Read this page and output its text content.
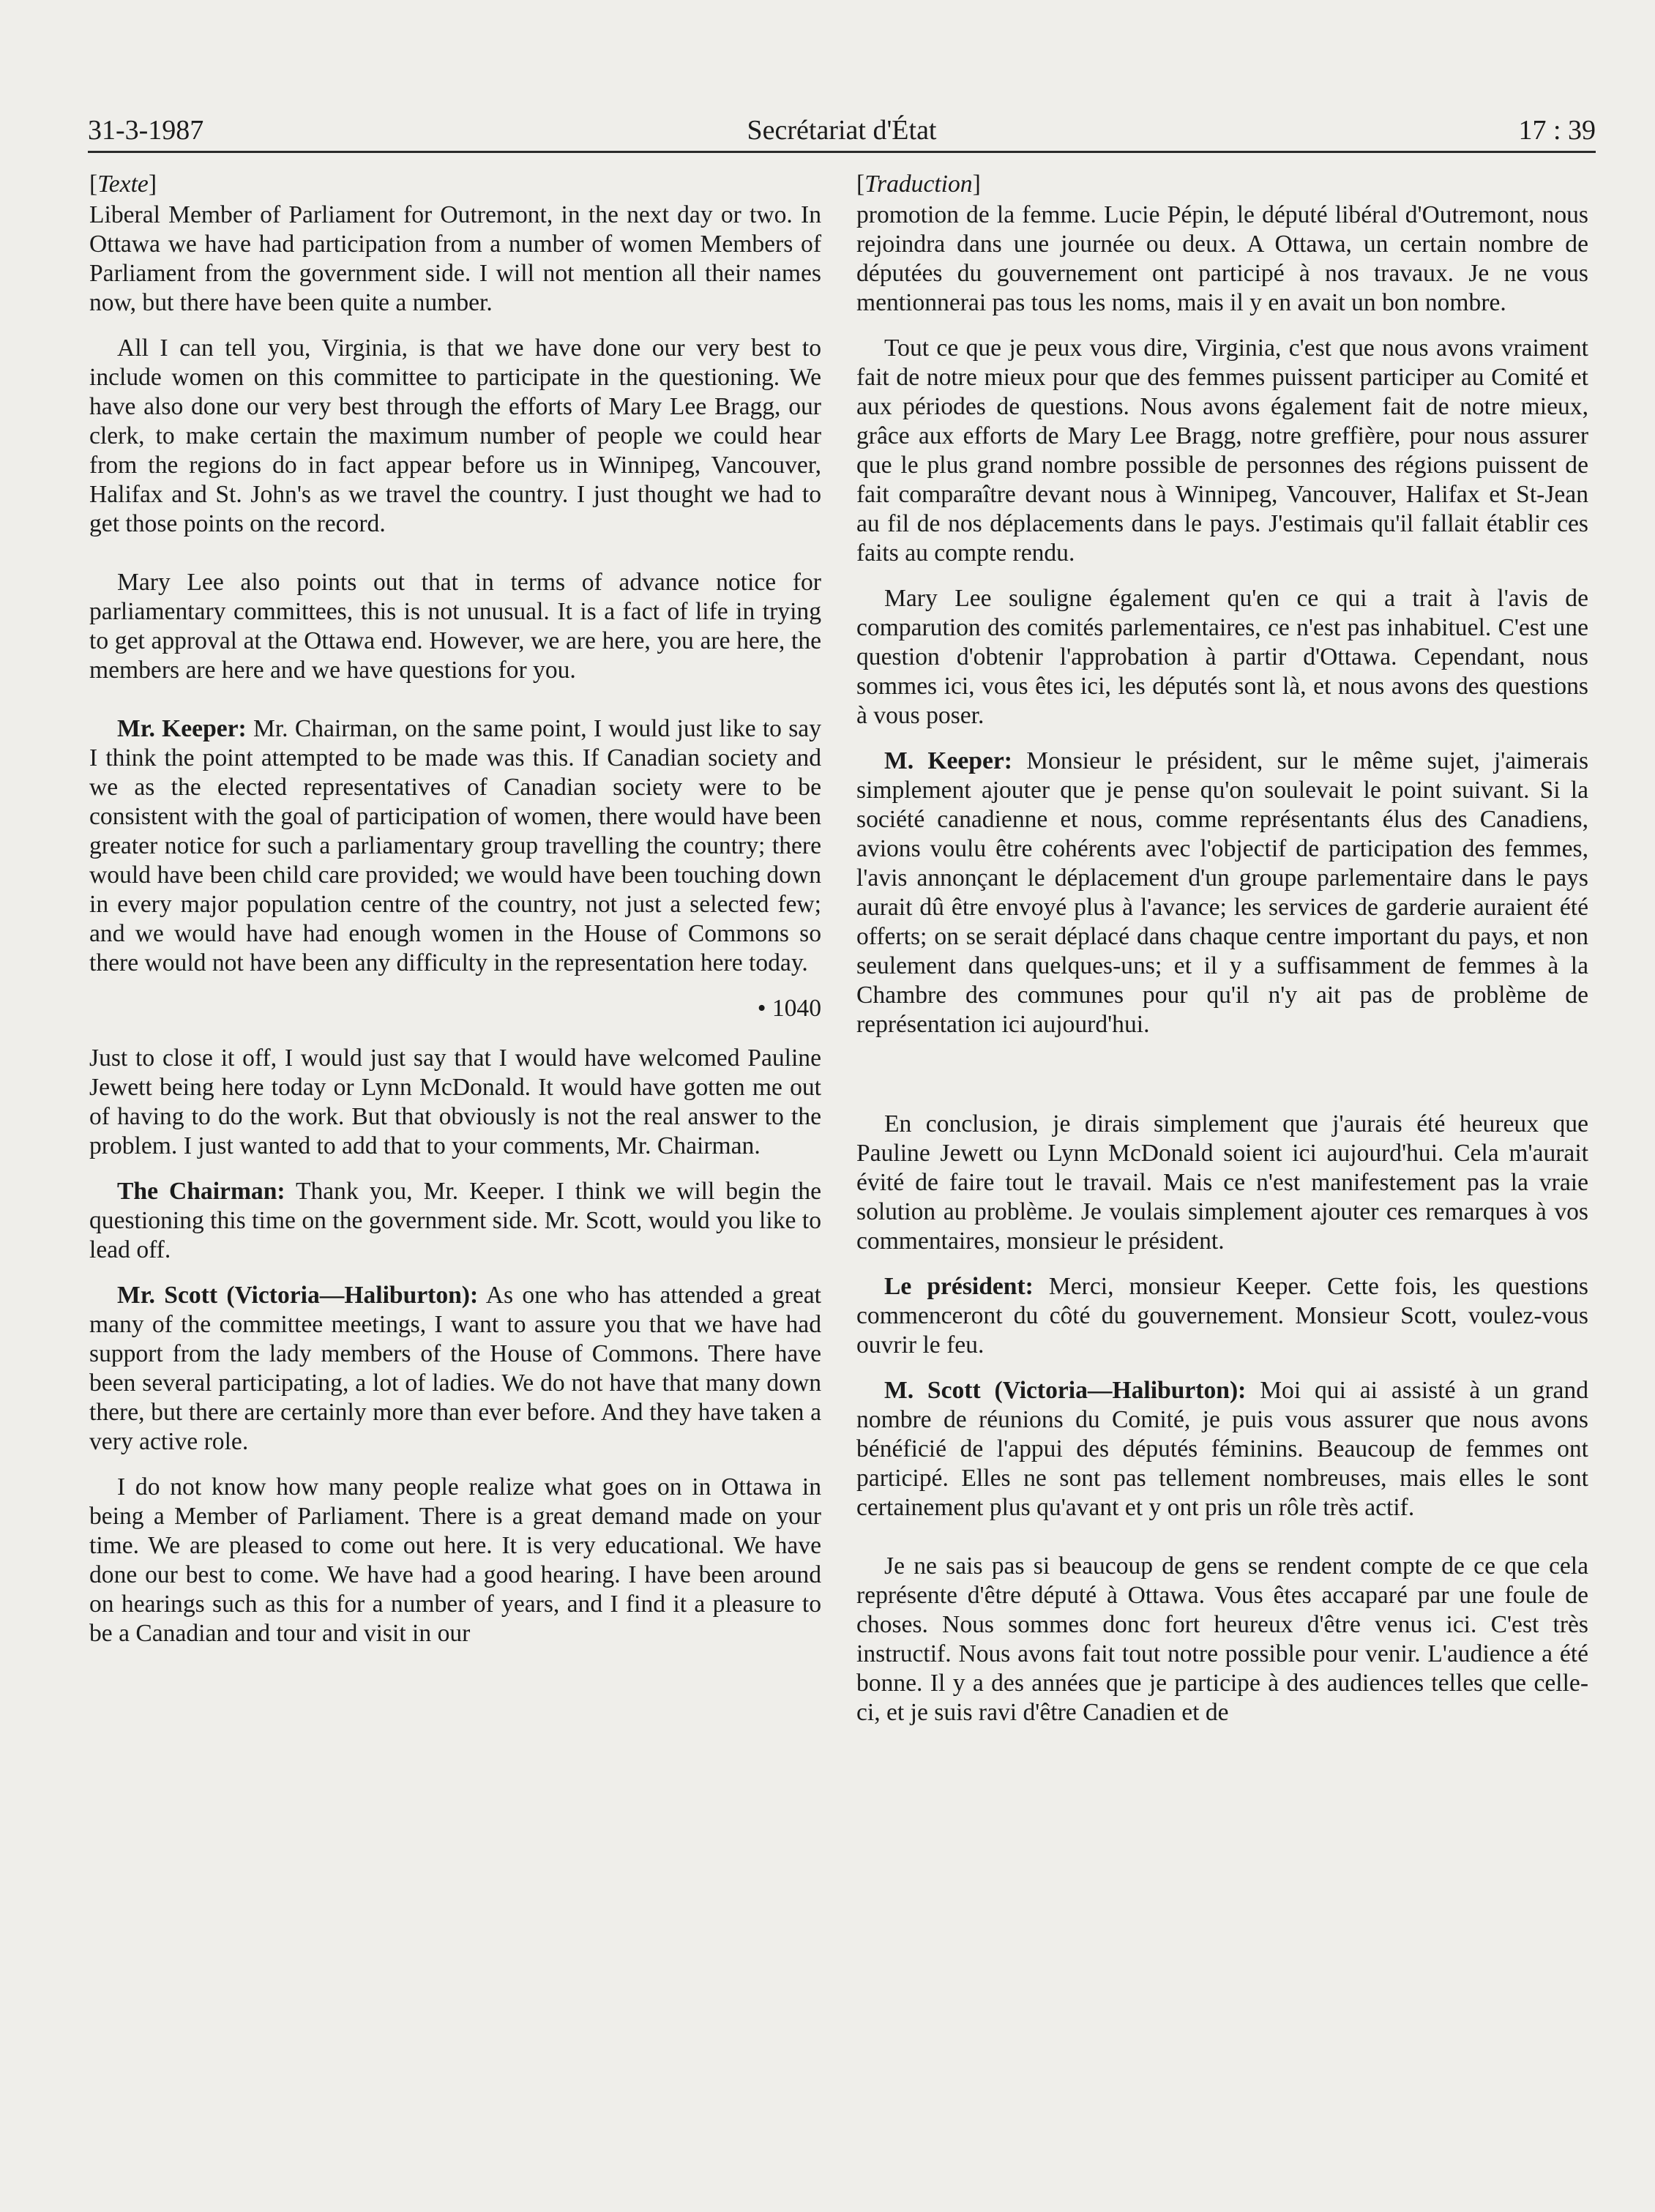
31-3-1987	Secrétariat d'État	17 : 39

[Texte]

Liberal Member of Parliament for Outremont, in the next day or two. In Ottawa we have had participation from a number of women Members of Parliament from the government side. I will not mention all their names now, but there have been quite a number.

All I can tell you, Virginia, is that we have done our very best to include women on this committee to participate in the questioning. We have also done our very best through the efforts of Mary Lee Bragg, our clerk, to make certain the maximum number of people we could hear from the regions do in fact appear before us in Winnipeg, Vancouver, Halifax and St. John's as we travel the country. I just thought we had to get those points on the record.

Mary Lee also points out that in terms of advance notice for parliamentary committees, this is not unusual. It is a fact of life in trying to get approval at the Ottawa end. However, we are here, you are here, the members are here and we have questions for you.

Mr. Keeper: Mr. Chairman, on the same point, I would just like to say I think the point attempted to be made was this. If Canadian society and we as the elected representatives of Canadian society were to be consistent with the goal of participation of women, there would have been greater notice for such a parliamentary group travelling the country; there would have been child care provided; we would have been touching down in every major population centre of the country, not just a selected few; and we would have had enough women in the House of Commons so there would not have been any difficulty in the representation here today.

• 1040

Just to close it off, I would just say that I would have welcomed Pauline Jewett being here today or Lynn McDonald. It would have gotten me out of having to do the work. But that obviously is not the real answer to the problem. I just wanted to add that to your comments, Mr. Chairman.

The Chairman: Thank you, Mr. Keeper. I think we will begin the questioning this time on the government side. Mr. Scott, would you like to lead off.

Mr. Scott (Victoria—Haliburton): As one who has attended a great many of the committee meetings, I want to assure you that we have had support from the lady members of the House of Commons. There have been several participating, a lot of ladies. We do not have that many down there, but there are certainly more than ever before. And they have taken a very active role.

I do not know how many people realize what goes on in Ottawa in being a Member of Parliament. There is a great demand made on your time. We are pleased to come out here. It is very educational. We have done our best to come. We have had a good hearing. I have been around on hearings such as this for a number of years, and I find it a pleasure to be a Canadian and tour and visit in our

[Traduction]

promotion de la femme. Lucie Pépin, le député libéral d'Outremont, nous rejoindra dans une journée ou deux. A Ottawa, un certain nombre de députées du gouvernement ont participé à nos travaux. Je ne vous mentionnerai pas tous les noms, mais il y en avait un bon nombre.

Tout ce que je peux vous dire, Virginia, c'est que nous avons vraiment fait de notre mieux pour que des femmes puissent participer au Comité et aux périodes de questions. Nous avons également fait de notre mieux, grâce aux efforts de Mary Lee Bragg, notre greffière, pour nous assurer que le plus grand nombre possible de personnes des régions puissent de fait comparaître devant nous à Winnipeg, Vancouver, Halifax et St-Jean au fil de nos déplacements dans le pays. J'estimais qu'il fallait établir ces faits au compte rendu.

Mary Lee souligne également qu'en ce qui a trait à l'avis de comparution des comités parlementaires, ce n'est pas inhabituel. C'est une question d'obtenir l'approbation à partir d'Ottawa. Cependant, nous sommes ici, vous êtes ici, les députés sont là, et nous avons des questions à vous poser.

M. Keeper: Monsieur le président, sur le même sujet, j'aimerais simplement ajouter que je pense qu'on soulevait le point suivant. Si la société canadienne et nous, comme représentants élus des Canadiens, avions voulu être cohérents avec l'objectif de participation des femmes, l'avis annonçant le déplacement d'un groupe parlementaire dans le pays aurait dû être envoyé plus à l'avance; les services de garderie auraient été offerts; on se serait déplacé dans chaque centre important du pays, et non seulement dans quelques-uns; et il y a suffisamment de femmes à la Chambre des communes pour qu'il n'y ait pas de problème de représentation ici aujourd'hui.

En conclusion, je dirais simplement que j'aurais été heureux que Pauline Jewett ou Lynn McDonald soient ici aujourd'hui. Cela m'aurait évité de faire tout le travail. Mais ce n'est manifestement pas la vraie solution au problème. Je voulais simplement ajouter ces remarques à vos commentaires, monsieur le président.

Le président: Merci, monsieur Keeper. Cette fois, les questions commenceront du côté du gouvernement. Monsieur Scott, voulez-vous ouvrir le feu.

M. Scott (Victoria—Haliburton): Moi qui ai assisté à un grand nombre de réunions du Comité, je puis vous assurer que nous avons bénéficié de l'appui des députés féminins. Beaucoup de femmes ont participé. Elles ne sont pas tellement nombreuses, mais elles le sont certainement plus qu'avant et y ont pris un rôle très actif.

Je ne sais pas si beaucoup de gens se rendent compte de ce que cela représente d'être député à Ottawa. Vous êtes accaparé par une foule de choses. Nous sommes donc fort heureux d'être venus ici. C'est très instructif. Nous avons fait tout notre possible pour venir. L'audience a été bonne. Il y a des années que je participe à des audiences telles que celle-ci, et je suis ravi d'être Canadien et de
